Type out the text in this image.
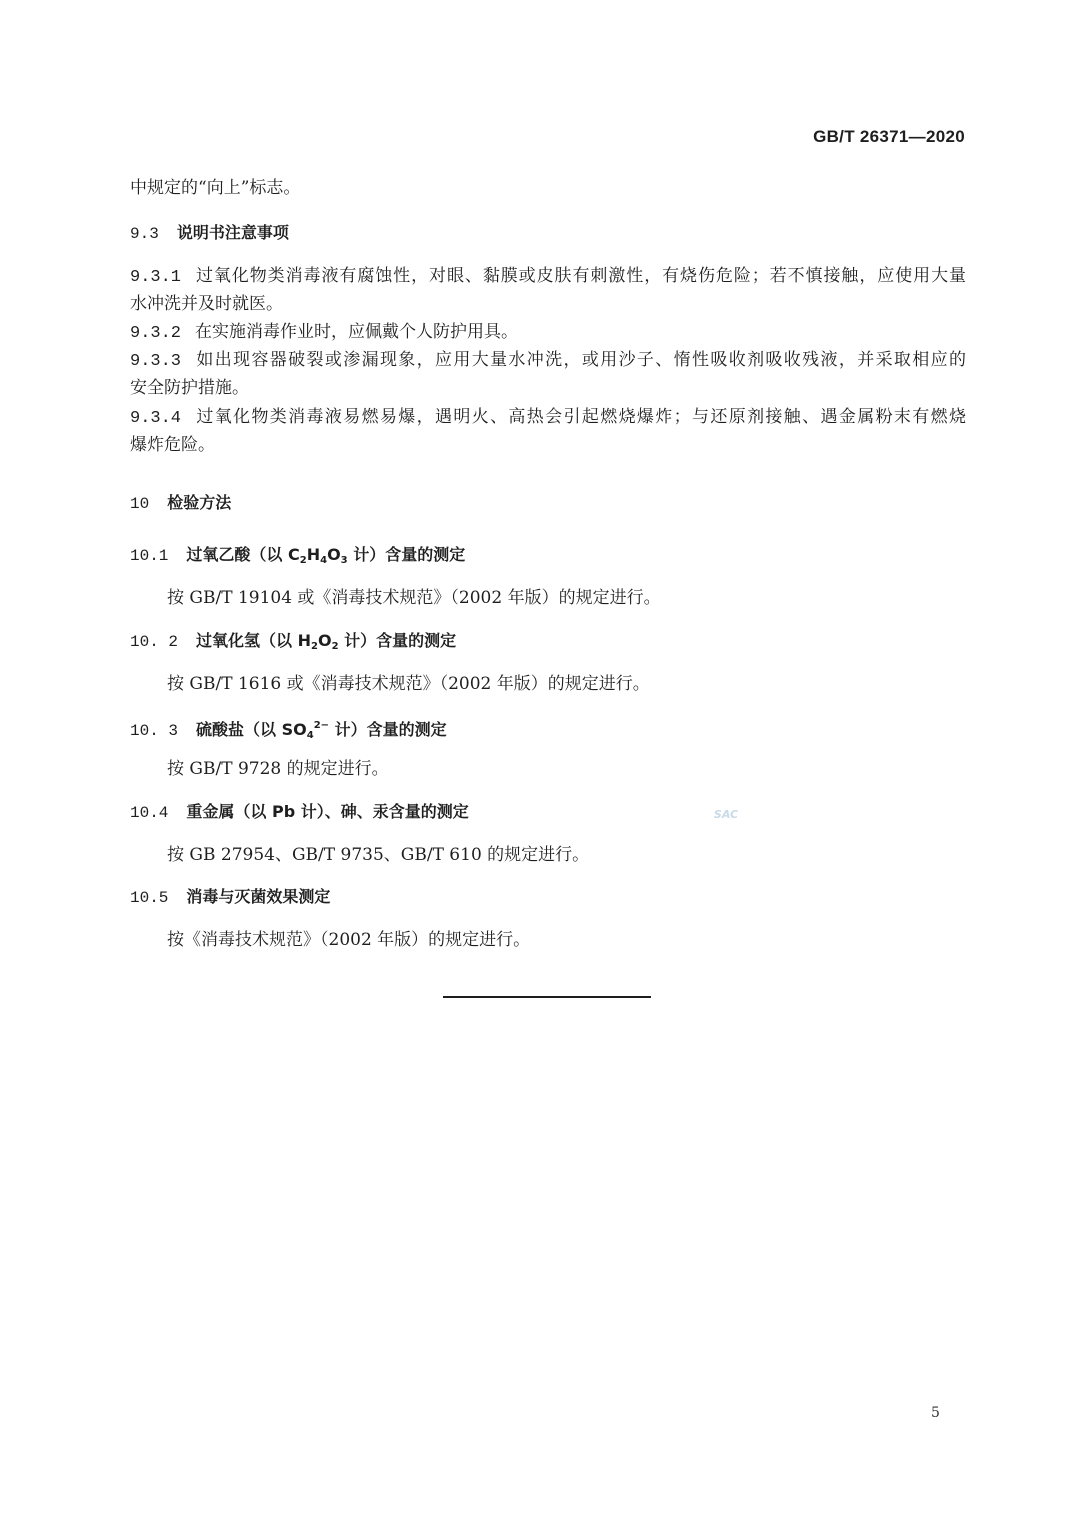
GB/T 26371—2020
中规定的“向上”标志。
9.3 说明书注意事项
9.3.1 过氧化物类消毒液有腐蚀性，对眼、黏膜或皮肤有刺激性，有烧伤危险；若不慎接触，应使用大量
水冲洗并及时就医。
9.3.2 在实施消毒作业时，应佩戴个人防护用具。
9.3.3 如出现容器破裂或渗漏现象，应用大量水冲洗，或用沙子、惰性吸收剂吸收残液，并采取相应的
安全防护措施。
9.3.4 过氧化物类消毒液易燃易爆，遇明火、高热会引起燃烧爆炸；与还原剂接触、遇金属粉末有燃烧
爆炸危险。
10 检验方法
10.1 过氧乙酸（以 $C_2H_4O_3$ 计）含量的测定
按 GB/T 19104 或《消毒技术规范》（2002 年版）的规定进行。
10. 2 过氧化氢（以 $H_2O_2$ 计）含量的测定
按 GB/T 1616 或《消毒技术规范》（2002 年版）的规定进行。
10. 3 硫酸盐（以 $SO_4^{2-}$ 计）含量的测定
按 GB/T 9728 的规定进行。
10.4 重金属（以 Pb 计）、砷、汞含量的测定	SAC
按 GB 27954、GB/T 9735、GB/T 610 的规定进行。
10.5 消毒与灭菌效果测定
按《消毒技术规范》（2002 年版）的规定进行。
5
